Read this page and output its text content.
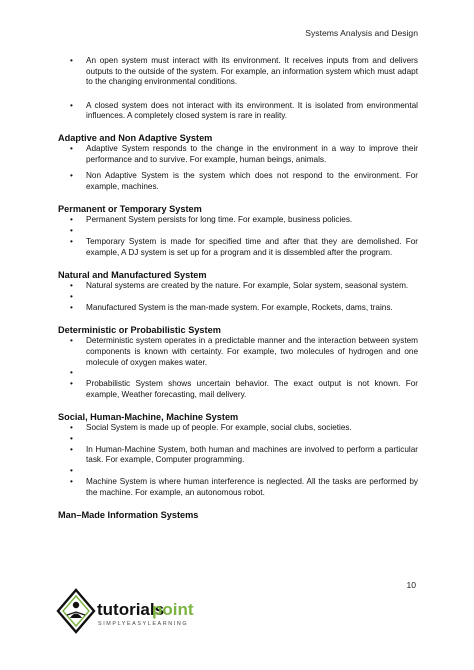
Systems Analysis and Design
• An open system must interact with its environment. It receives inputs from and delivers outputs to the outside of the system. For example, an information system which must adapt to the changing environmental conditions.
• A closed system does not interact with its environment. It is isolated from environmental influences. A completely closed system is rare in reality.
Adaptive and Non Adaptive System
• Adaptive System responds to the change in the environment in a way to improve their performance and to survive. For example, human beings, animals.
• Non Adaptive System is the system which does not respond to the environment. For example, machines.
Permanent or Temporary System
• Permanent System persists for long time. For example, business policies.
•
• Temporary System is made for specified time and after that they are demolished. For example, A DJ system is set up for a program and it is dissembled after the program.
Natural and Manufactured System
• Natural systems are created by the nature. For example, Solar system, seasonal system.
•
• Manufactured System is the man-made system. For example, Rockets, dams, trains.
Deterministic or Probabilistic System
• Deterministic system operates in a predictable manner and the interaction between system components is known with certainty. For example, two molecules of hydrogen and one molecule of oxygen makes water.
•
• Probabilistic System shows uncertain behavior. The exact output is not known. For example, Weather forecasting, mail delivery.
Social, Human-Machine, Machine System
• Social System is made up of people. For example, social clubs, societies.
•
• In Human-Machine System, both human and machines are involved to perform a particular task. For example, Computer programming.
•
• Machine System is where human interference is neglected. All the tasks are performed by the machine. For example, an autonomous robot.
Man–Made Information Systems
10
tutorials
point
SIMPLYEASYLEARNING
